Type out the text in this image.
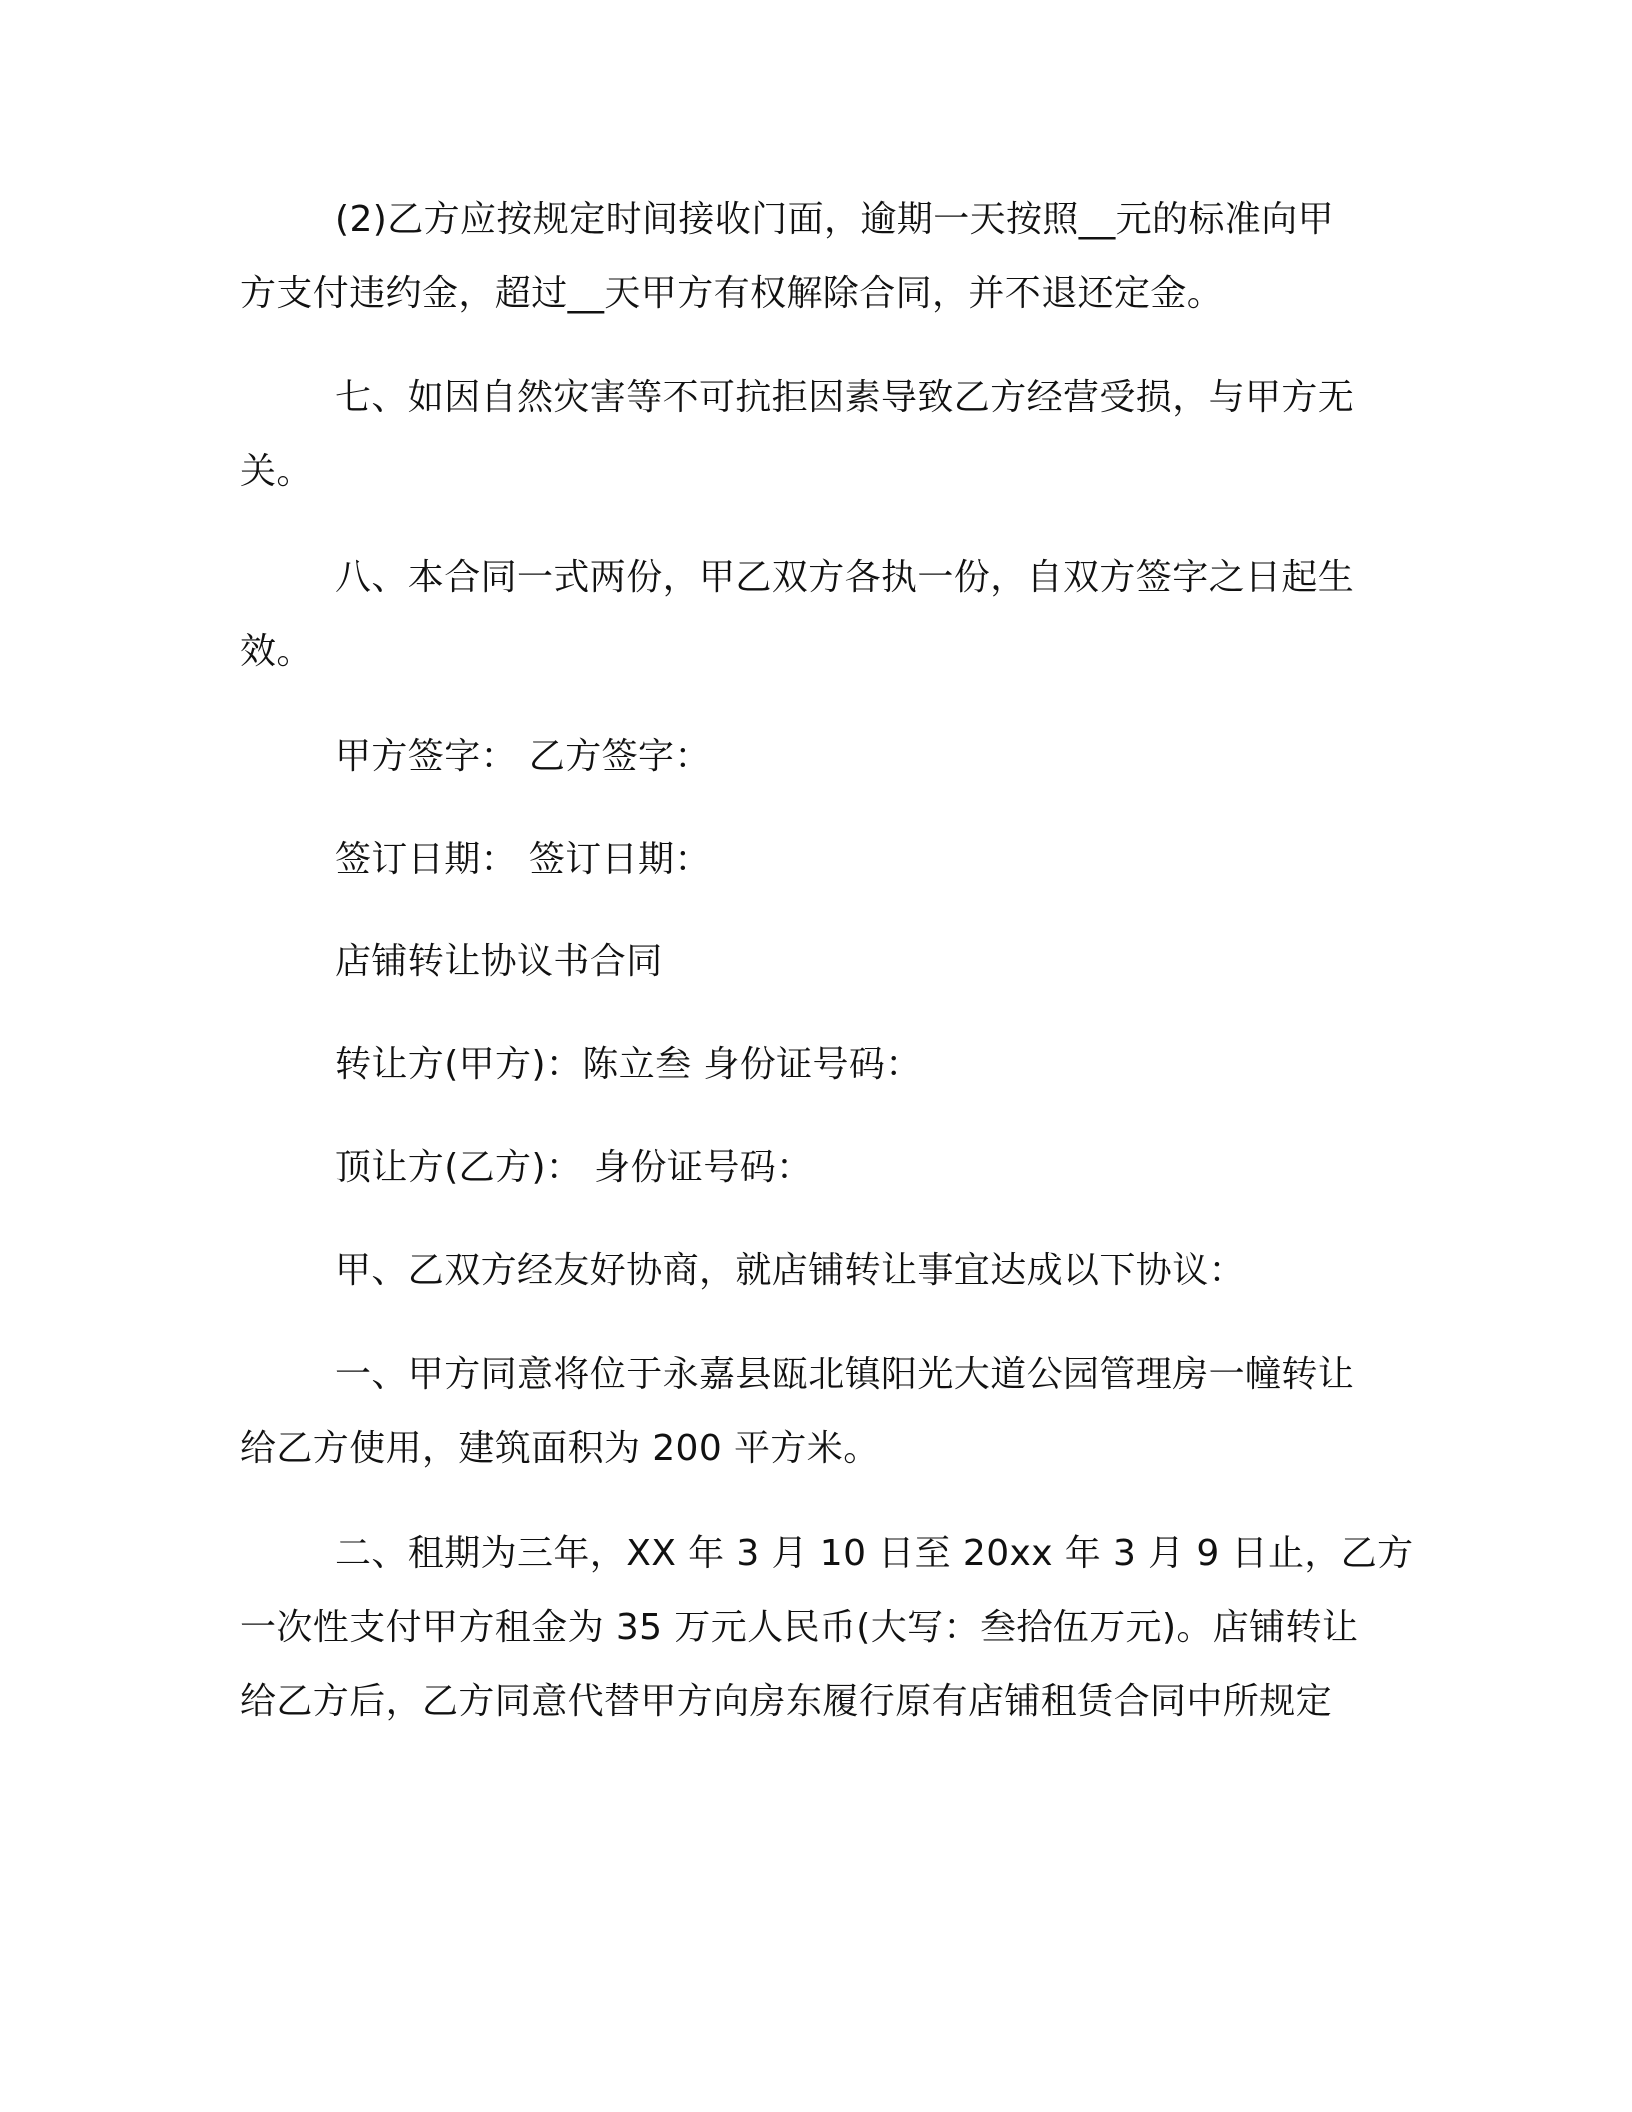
(2)乙方应按规定时间接收门面，逾期一天按照__元的标准向甲
方支付违约金，超过__天甲方有权解除合同，并不退还定金。
七、如因自然灾害等不可抗拒因素导致乙方经营受损，与甲方无
关。
八、本合同一式两份，甲乙双方各执一份，自双方签字之日起生
效。
甲方签字： 乙方签字：
签订日期： 签订日期：
店铺转让协议书合同
转让方(甲方)：陈立叁 身份证号码：
顶让方(乙方)： 身份证号码：
甲、乙双方经友好协商，就店铺转让事宜达成以下协议：
一、甲方同意将位于永嘉县瓯北镇阳光大道公园管理房一幢转让
给乙方使用，建筑面积为 200 平方米。
二、租期为三年，XX 年 3 月 10 日至 20xx 年 3 月 9 日止，乙方
一次性支付甲方租金为 35 万元人民币(大写：叁拾伍万元)。店铺转让
给乙方后，乙方同意代替甲方向房东履行原有店铺租赁合同中所规定
